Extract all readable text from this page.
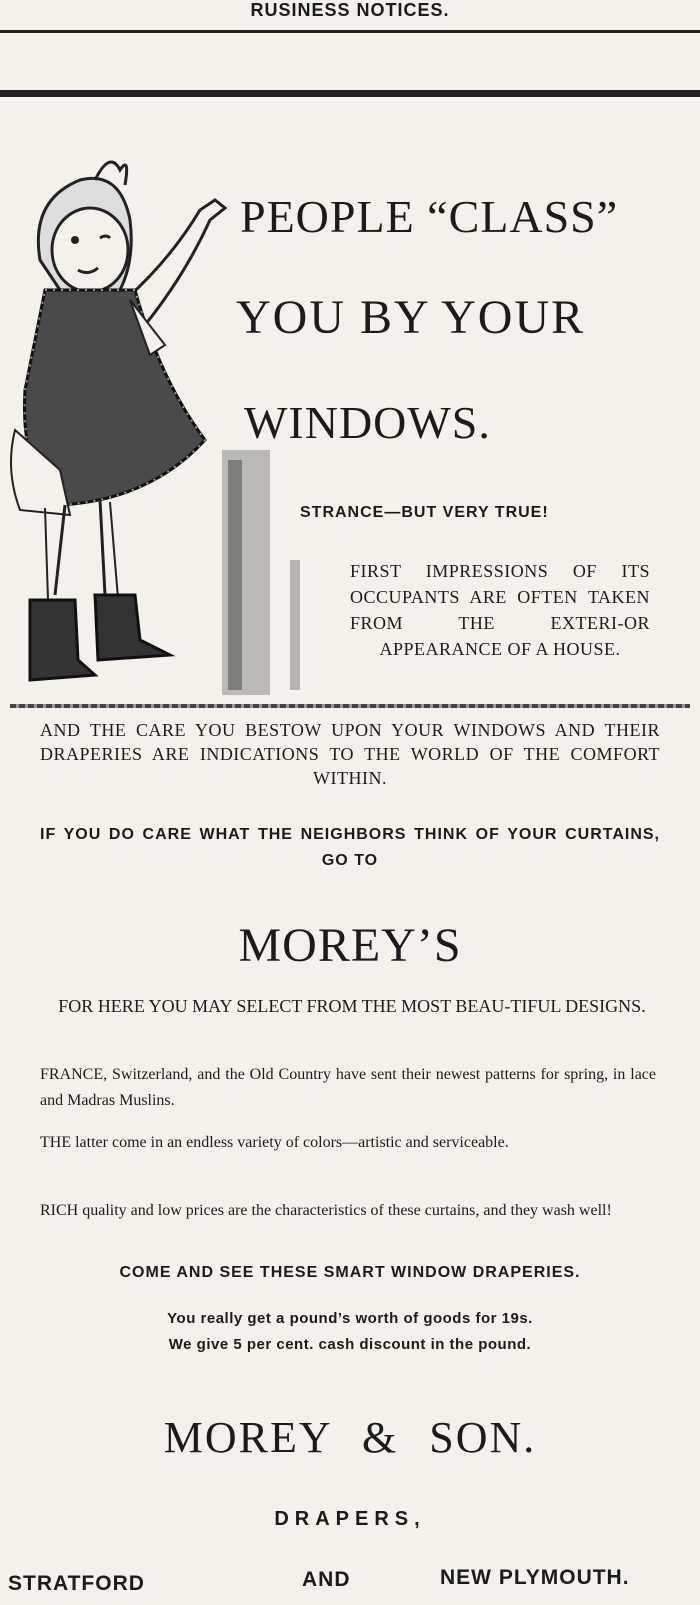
RUSINESS NOTICES.
PEOPLE “CLASS”
YOU BY YOUR
WINDOWS.
STRANCE—BUT VERY TRUE!
FIRST IMPRESSIONS OF ITS OCCUPANTS ARE OFTEN TAKEN FROM THE EXTERI-OR APPEARANCE OF A HOUSE.
AND THE CARE YOU BESTOW UPON YOUR WINDOWS AND THEIR DRAPERIES ARE INDICATIONS TO THE WORLD OF THE COMFORT WITHIN.
IF YOU DO CARE WHAT THE NEIGHBORS THINK OF YOUR CURTAINS, GO TO
MOREY’S
FOR HERE YOU MAY SELECT FROM THE MOST BEAU-TIFUL DESIGNS.
FRANCE, Switzerland, and the Old Country have sent their newest patterns for spring, in lace and Madras Muslins.
THE latter come in an endless variety of colors—artistic and serviceable.
RICH quality and low prices are the characteristics of these curtains, and they wash well!
COME AND SEE THESE SMART WINDOW DRAPERIES.
You really get a pound’s worth of goods for 19s.
We give 5 per cent. cash discount in the pound.
MOREY & SON.
DRAPERS,
STRATFORD	AND	NEW PLYMOUTH.
